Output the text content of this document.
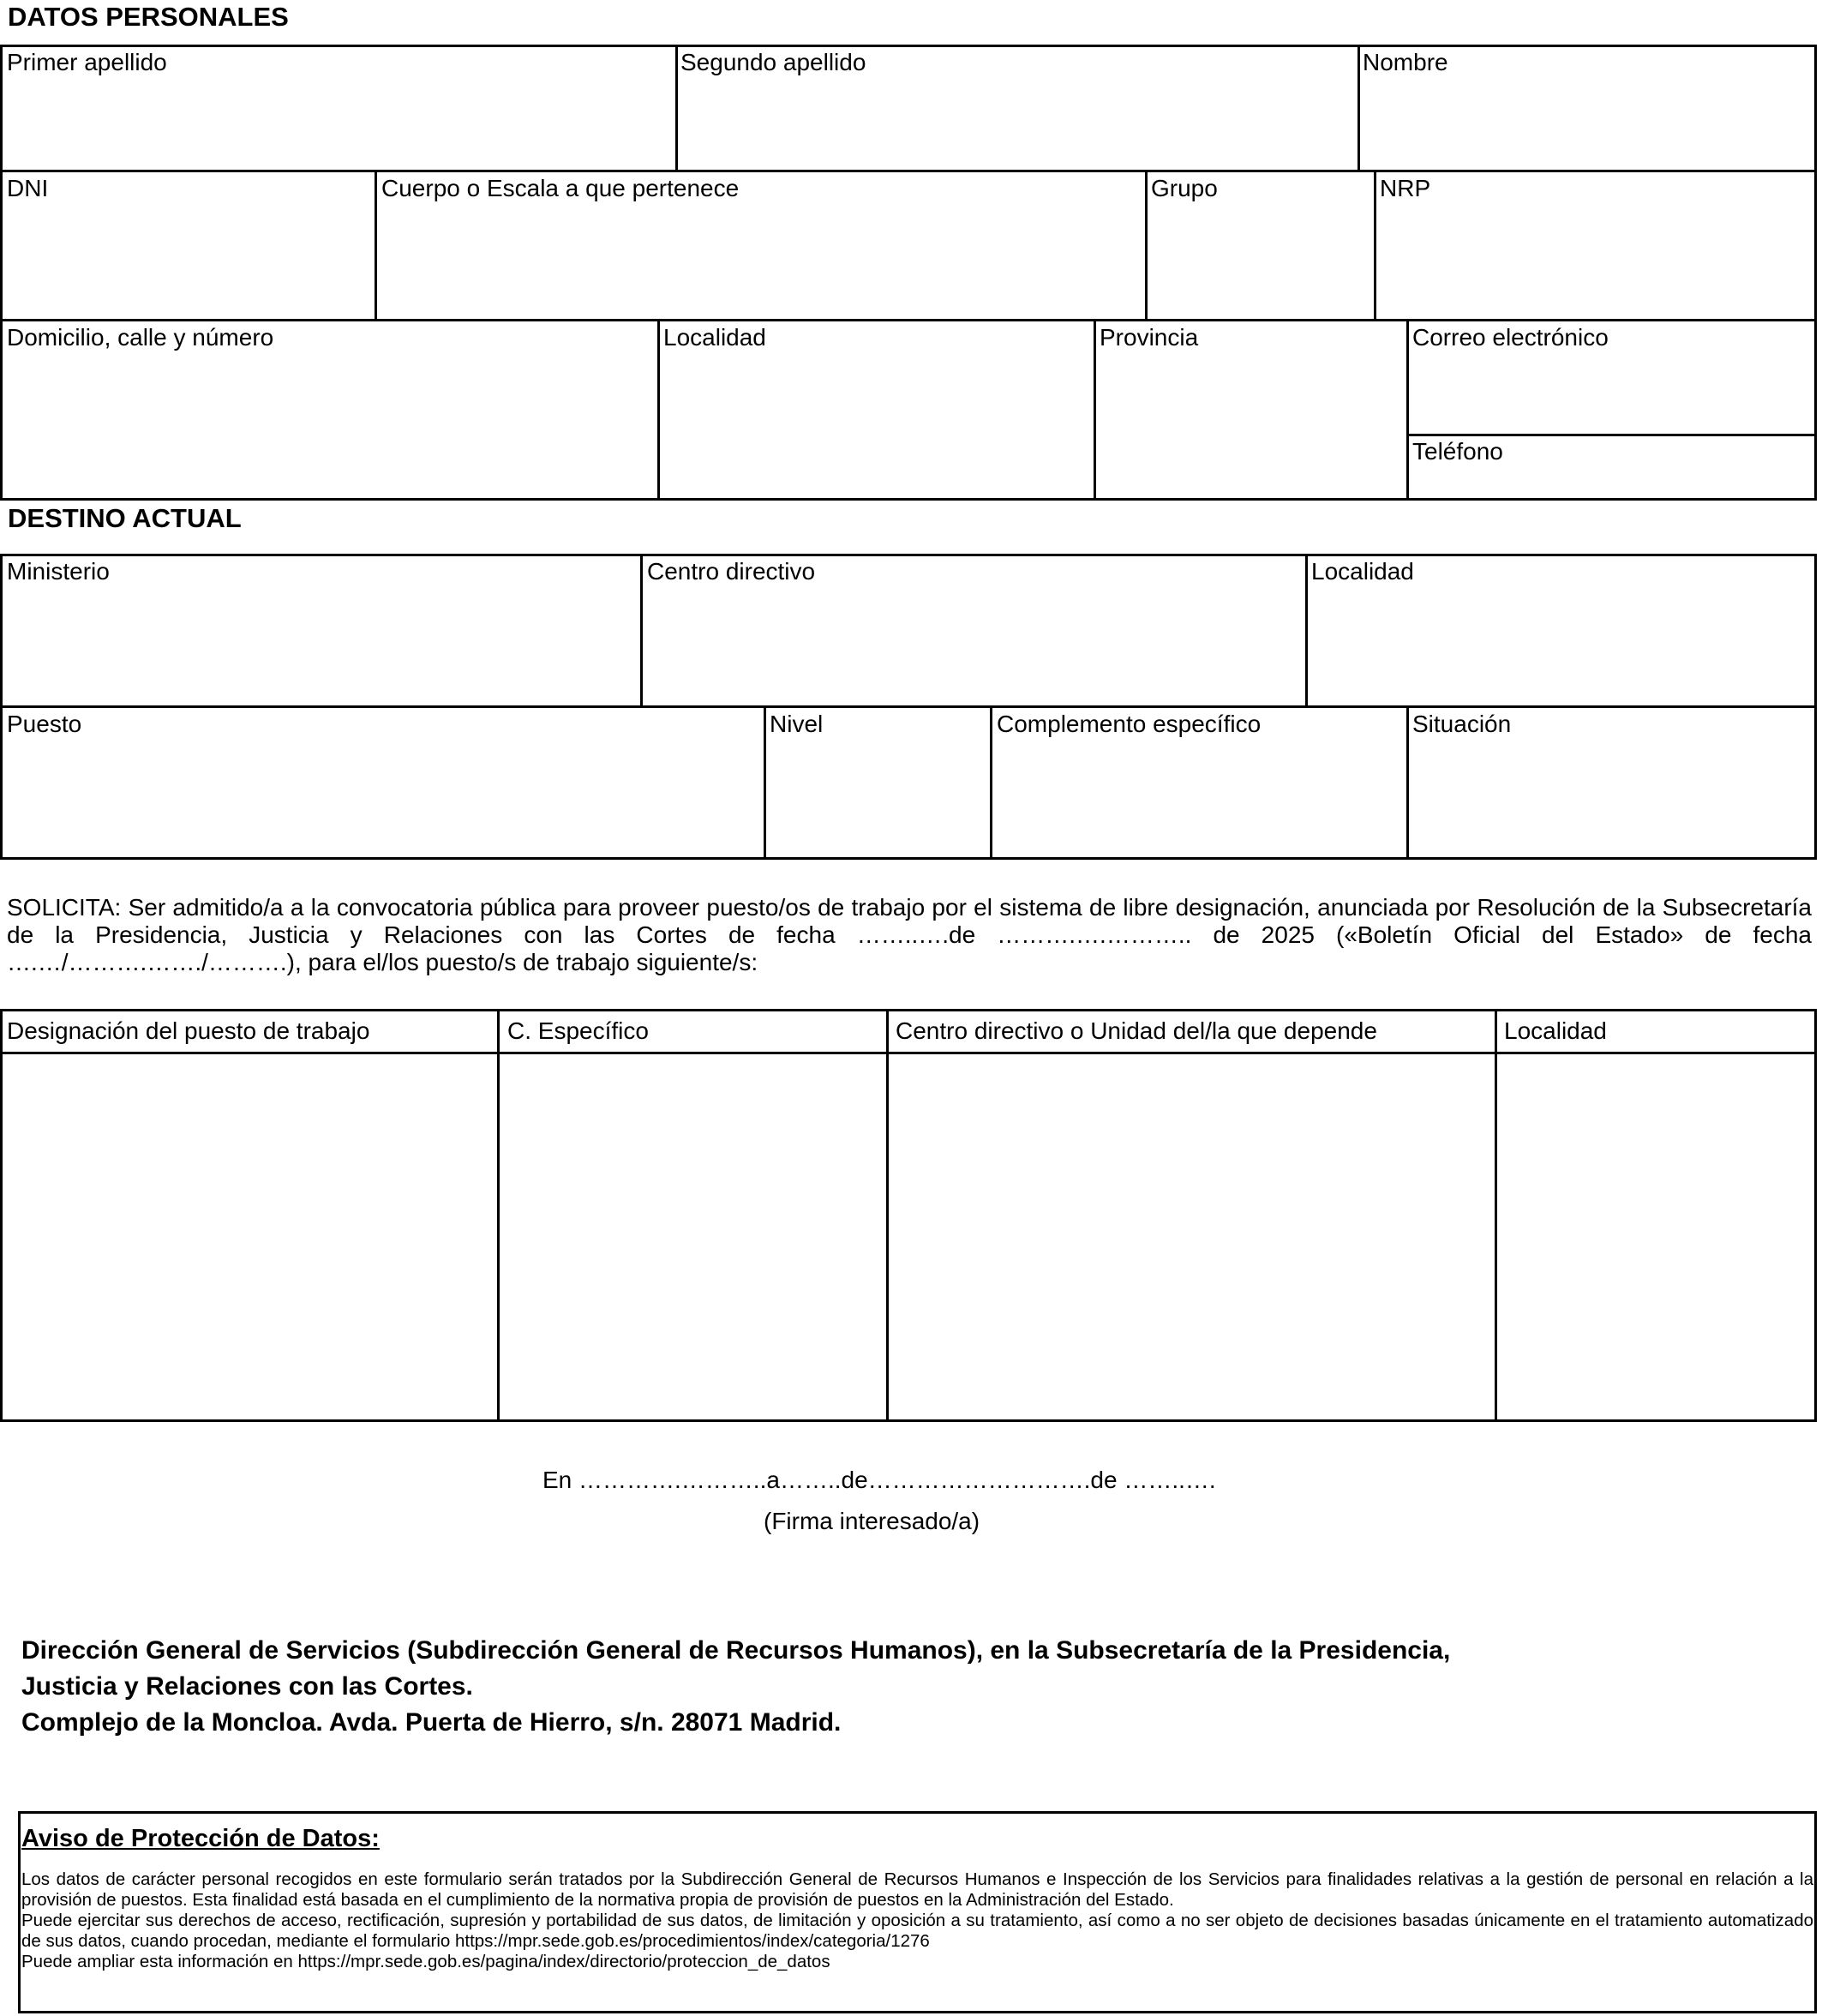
DATOS PERSONALES
Primer apellido	Segundo apellido	Nombre
DNI	Cuerpo o Escala a que pertenece	Grupo	NRP
Domicilio, calle y número	Localidad	Provincia	Correo electrónico
Teléfono
DESTINO ACTUAL
Ministerio	Centro directivo	Localidad
Puesto	Nivel	Complemento específico	Situación
SOLICITA: Ser admitido/a a la convocatoria pública para proveer puesto/os de trabajo por el sistema de libre designación, anunciada por Resolución de la Subsecretaría de la Presidencia, Justicia y Relaciones con las Cortes de fecha ……..….de ……….….……….. de 2025 («Boletín Oficial del Estado» de fecha ….…/……….……./……….), para el/los puesto/s de trabajo siguiente/s:
Designación del puesto de trabajo	C. Específico	Centro directivo o Unidad del/la que depende	Localidad
En ………….………..a……..de……………………….de ……..….
(Firma interesado/a)
Dirección General de Servicios (Subdirección General de Recursos Humanos), en la Subsecretaría de la Presidencia,
Justicia y Relaciones con las Cortes.
Complejo de la Moncloa. Avda. Puerta de Hierro, s/n. 28071 Madrid.
Aviso de Protección de Datos:
Los datos de carácter personal recogidos en este formulario serán tratados por la Subdirección General de Recursos Humanos e Inspección de los Servicios para finalidades relativas a la gestión de personal en relación a la provisión de puestos. Esta finalidad está basada en el cumplimiento de la normativa propia de provisión de puestos en la Administración del Estado.
Puede ejercitar sus derechos de acceso, rectificación, supresión y portabilidad de sus datos, de limitación y oposición a su tratamiento, así como a no ser objeto de decisiones basadas únicamente en el tratamiento automatizado de sus datos, cuando procedan, mediante el formulario https://mpr.sede.gob.es/procedimientos/index/categoria/1276
Puede ampliar esta información en https://mpr.sede.gob.es/pagina/index/directorio/proteccion_de_datos
